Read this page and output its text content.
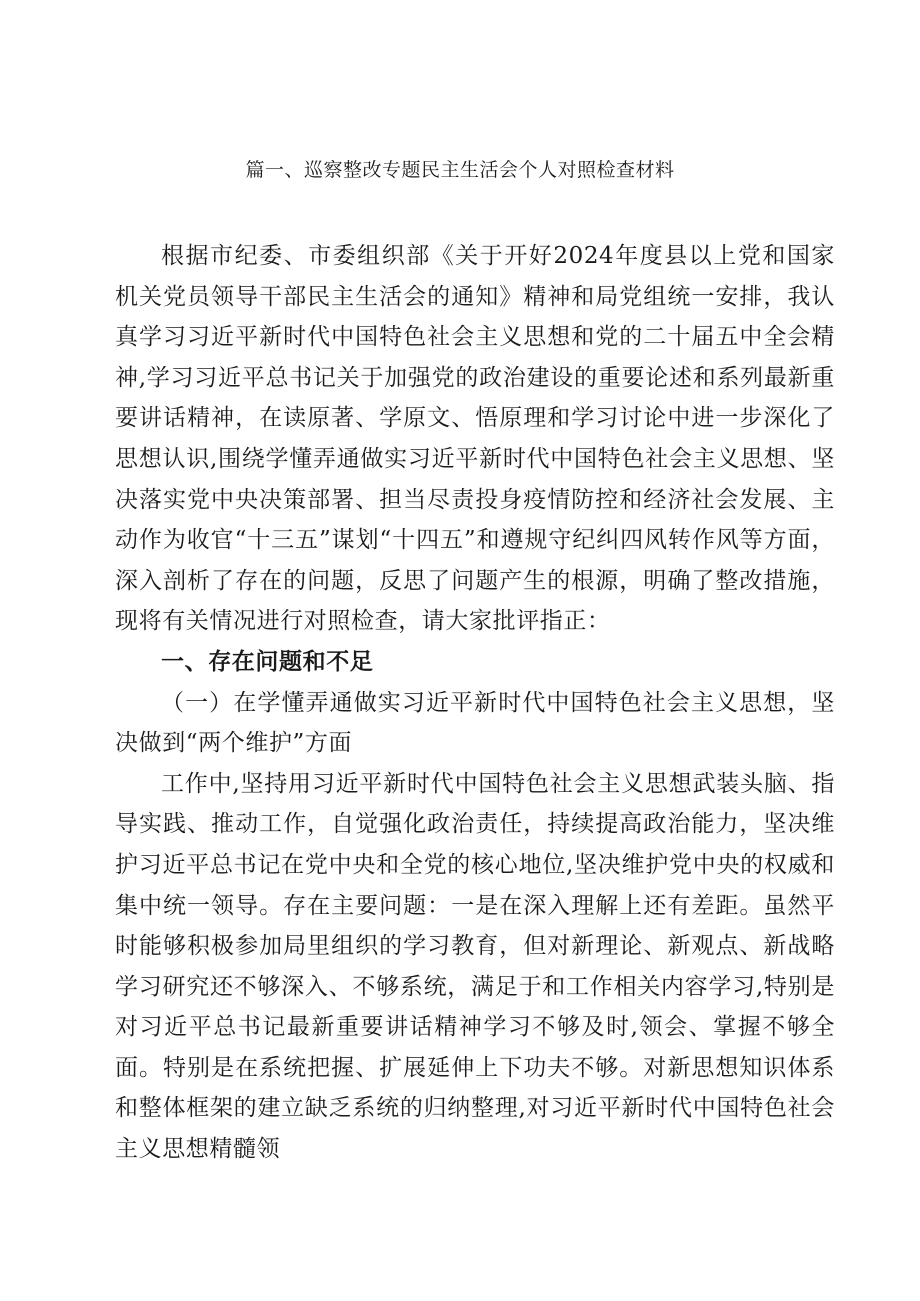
篇一、巡察整改专题民主生活会个人对照检查材料

根据市纪委、市委组织部《关于开好2024年度县以上党和国家机关党员领导干部民主生活会的通知》精神和局党组统一安排，我认真学习习近平新时代中国特色社会主义思想和党的二十届五中全会精神,学习习近平总书记关于加强党的政治建设的重要论述和系列最新重要讲话精神，在读原著、学原文、悟原理和学习讨论中进一步深化了思想认识,围绕学懂弄通做实习近平新时代中国特色社会主义思想、坚决落实党中央决策部署、担当尽责投身疫情防控和经济社会发展、主动作为收官“十三五”谋划“十四五”和遵规守纪纠四风转作风等方面，深入剖析了存在的问题，反思了问题产生的根源，明确了整改措施，现将有关情况进行对照检查，请大家批评指正：

一、存在问题和不足

（一）在学懂弄通做实习近平新时代中国特色社会主义思想，坚决做到“两个维护”方面

工作中,坚持用习近平新时代中国特色社会主义思想武装头脑、指导实践、推动工作，自觉强化政治责任，持续提高政治能力，坚决维护习近平总书记在党中央和全党的核心地位,坚决维护党中央的权威和集中统一领导。存在主要问题：一是在深入理解上还有差距。虽然平时能够积极参加局里组织的学习教育，但对新理论、新观点、新战略学习研究还不够深入、不够系统，满足于和工作相关内容学习,特别是对习近平总书记最新重要讲话精神学习不够及时,领会、掌握不够全面。特别是在系统把握、扩展延伸上下功夫不够。对新思想知识体系和整体框架的建立缺乏系统的归纳整理,对习近平新时代中国特色社会主义思想精髓领
